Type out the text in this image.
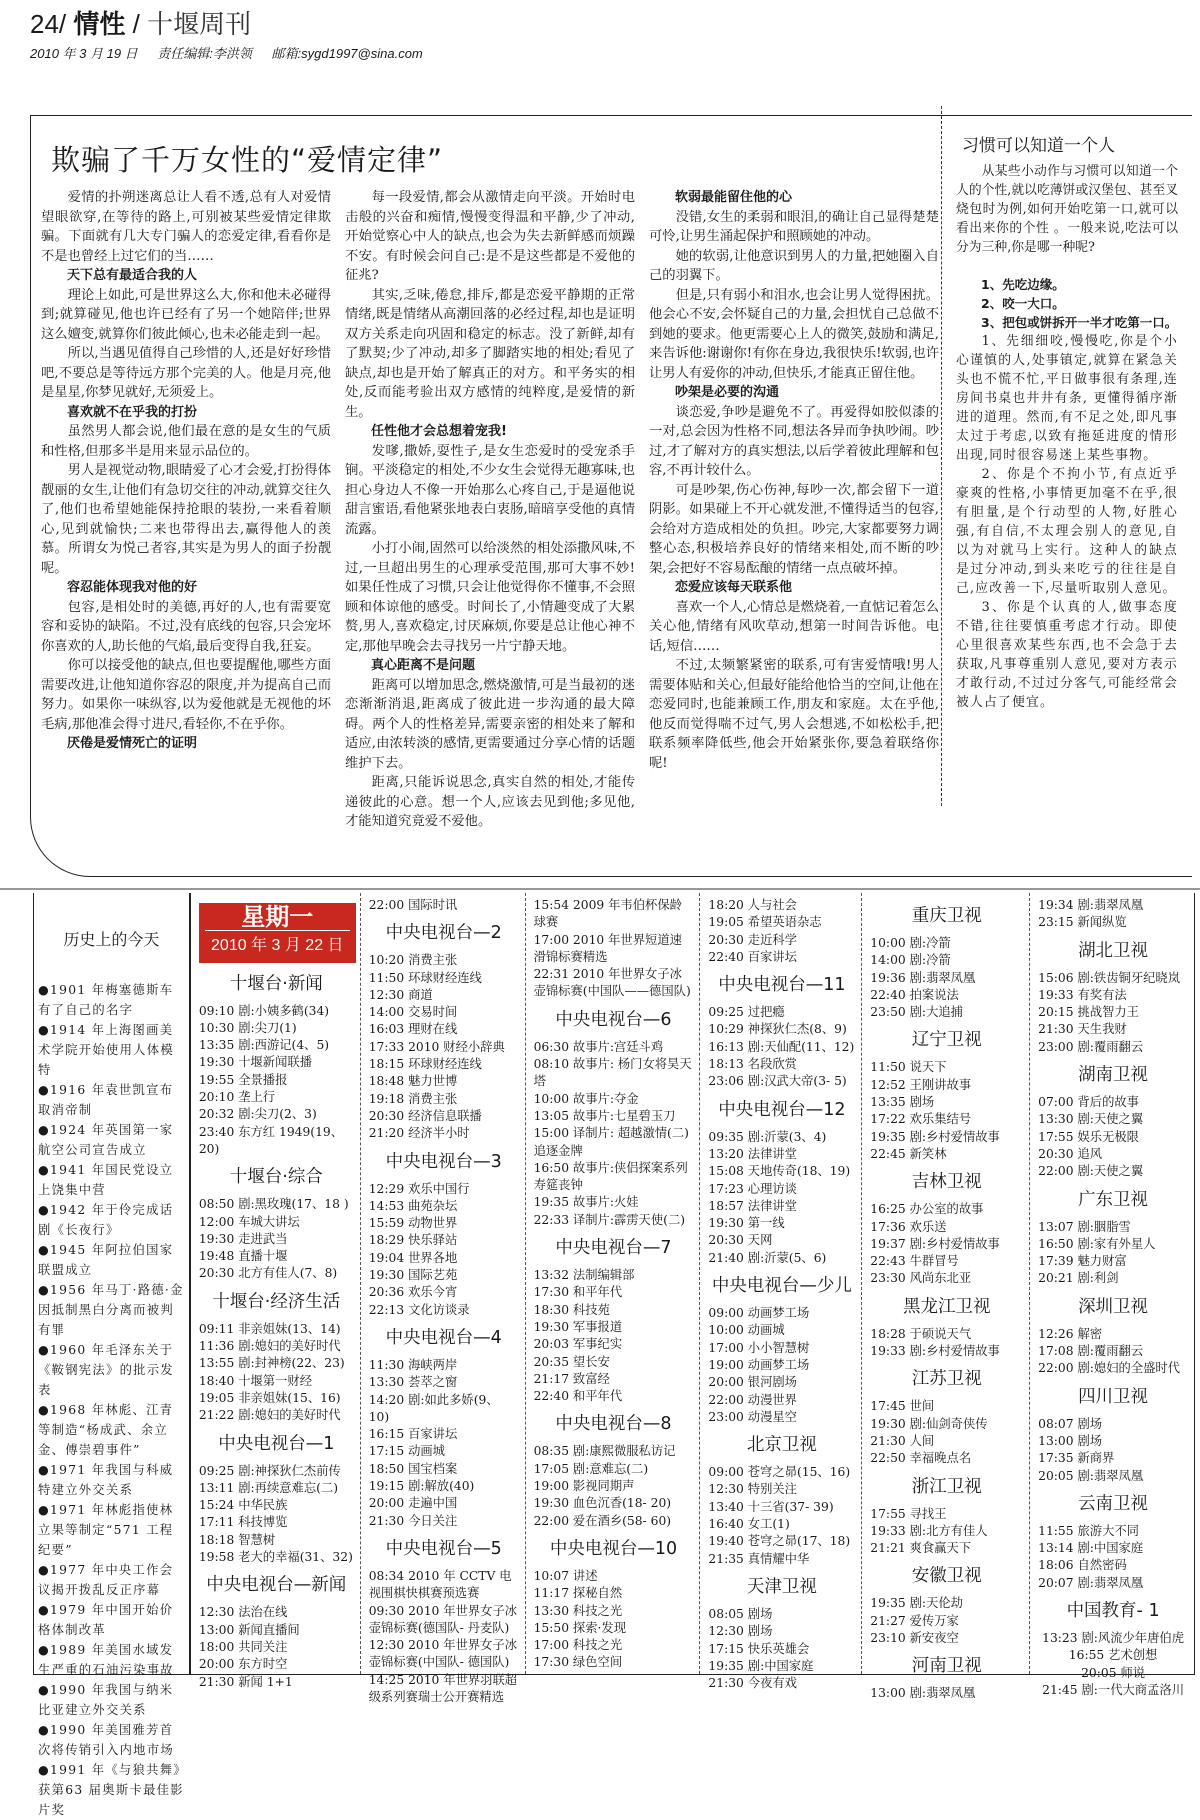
24/ 情性 / 十堰周刊
2010 年 3 月 19 日 责任编辑:李洪领 邮箱:sygd1997@sina.com
欺骗了千万女性的“爱情定律”

爱情的扑朔迷离总让人看不透,总有人对爱情望眼欲穿,在等待的路上,可别被某些爱情定律欺骗。下面就有几大专门骗人的恋爱定律,看看你是不是也曾经上过它们的当……

天下总有最适合我的人

理论上如此,可是世界这么大,你和他未必碰得到;就算碰见,他也许已经有了另一个她陪伴;世界这么嬗变,就算你们彼此倾心,也未必能走到一起。

所以,当遇见值得自己珍惜的人,还是好好珍惜吧,不要总是等待远方那个完美的人。他是月亮,他是星星,你梦见就好,无须爱上。

喜欢就不在乎我的打扮

虽然男人都会说,他们最在意的是女生的气质和性格,但那多半是用来显示品位的。

男人是视觉动物,眼睛爱了心才会爱,打扮得体靓丽的女生,让他们有急切交往的冲动,就算交往久了,他们也希望她能保持抢眼的装扮,一来看着顺心,见到就愉快;二来也带得出去,赢得他人的羡慕。所谓女为悦己者容,其实是为男人的面子扮靓呢。

容忍能体现我对他的好

包容,是相处时的美德,再好的人,也有需要宽容和妥协的缺陷。不过,没有底线的包容,只会宠坏你喜欢的人,助长他的气焰,最后变得自我,狂妄。

你可以接受他的缺点,但也要提醒他,哪些方面需要改进,让他知道你容忍的限度,并为提高自己而努力。如果你一味纵容,以为爱他就是无视他的坏毛病,那他准会得寸进尺,看轻你,不在乎你。

厌倦是爱情死亡的证明

每一段爱情,都会从激情走向平淡。开始时电击般的兴奋和痴情,慢慢变得温和平静,少了冲动,开始觉察心中人的缺点,也会为失去新鲜感而烦躁不安。有时候会问自己:是不是这些都是不爱他的征兆?

其实,乏味,倦怠,排斥,都是恋爱平静期的正常情绪,既是情绪从高潮回落的必经过程,却也是证明双方关系走向巩固和稳定的标志。没了新鲜,却有了默契;少了冲动,却多了脚踏实地的相处;看见了缺点,却也是开始了解真正的对方。和平务实的相处,反而能考验出双方感情的纯粹度,是爱情的新生。

任性他才会总想着宠我!

发嗲,撒娇,耍性子,是女生恋爱时的受宠杀手锏。平淡稳定的相处,不少女生会觉得无趣寡味,也担心身边人不像一开始那么心疼自己,于是逼他说甜言蜜语,看他紧张地表白衷肠,暗暗享受他的真情流露。

小打小闹,固然可以给淡然的相处添撒风味,不过,一旦超出男生的心理承受范围,那可大事不妙!如果任性成了习惯,只会让他觉得你不懂事,不会照顾和体谅他的感受。时间长了,小情趣变成了大累赘,男人,喜欢稳定,讨厌麻烦,你要是总让他心神不定,那他早晚会去寻找另一片宁静天地。

真心距离不是问题

距离可以增加思念,燃烧激情,可是当最初的迷恋渐渐消退,距离成了彼此进一步沟通的最大障碍。两个人的性格差异,需要亲密的相处来了解和适应,由浓转淡的感情,更需要通过分享心情的话题维护下去。

距离,只能诉说思念,真实自然的相处,才能传递彼此的心意。想一个人,应该去见到他;多见他,才能知道究竟爱不爱他。

软弱最能留住他的心

没错,女生的柔弱和眼泪,的确让自己显得楚楚可怜,让男生涌起保护和照顾她的冲动。

她的软弱,让他意识到男人的力量,把她圈入自己的羽翼下。

但是,只有弱小和泪水,也会让男人觉得困扰。他会心不安,会怀疑自己的力量,会担忧自己总做不到她的要求。他更需要心上人的微笑,鼓励和满足,来告诉他:谢谢你!有你在身边,我很快乐!软弱,也许让男人有爱你的冲动,但快乐,才能真正留住他。

吵架是必要的沟通

谈恋爱,争吵是避免不了。再爱得如胶似漆的一对,总会因为性格不同,想法各异而争执吵闹。吵过,才了解对方的真实想法,以后学着彼此理解和包容,不再计较什么。

可是吵架,伤心伤神,每吵一次,都会留下一道阴影。如果碰上不开心就发泄,不懂得适当的包容,会给对方造成相处的负担。吵完,大家都要努力调整心态,积极培养良好的情绪来相处,而不断的吵架,会把好不容易酝酿的情绪一点点破坏掉。

恋爱应该每天联系他

喜欢一个人,心情总是燃烧着,一直惦记着怎么关心他,情绪有风吹草动,想第一时间告诉他。电话,短信……

不过,太频繁紧密的联系,可有害爱情哦!男人需要体贴和关心,但最好能给他恰当的空间,让他在恋爱同时,也能兼顾工作,朋友和家庭。太在乎他,他反而觉得喘不过气,男人会想逃,不如松松手,把联系频率降低些,他会开始紧张你,要急着联络你呢!

习惯可以知道一个人

从某些小动作与习惯可以知道一个人的个性,就以吃薄饼或汉堡包、甚至叉烧包时为例,如何开始吃第一口,就可以看出来你的个性 。一般来说,吃法可以分为三种,你是哪一种呢?

1、先吃边缘。
2、咬一大口。
3、把包或饼拆开一半才吃第一口。

1、先细细咬,慢慢吃,你是个小心谨慎的人,处事镇定,就算在紧急关头也不慌不忙,平日做事很有条理,连房间书桌也井井有条, 更懂得循序渐进的道理。然而,有不足之处,即凡事太过于考虑,以致有拖延进度的情形出现,同时很容易迷上某些事物。

2、你是个不拘小节,有点近乎豪爽的性格,小事情更加毫不在乎,很有胆量,是个行动型的人物,好胜心强,有自信,不太理会别人的意见,自以为对就马上实行。这种人的缺点是过分冲动,到头来吃亏的往往是自己,应改善一下,尽量听取别人意见。

3、你是个认真的人,做事态度不错,往往要慎重考虑才行动。即使心里很喜欢某些东西,也不会急于去获取,凡事尊重别人意见,要对方表示才敢行动,不过过分客气,可能经常会被人占了便宜。

历史上的今天
●1901 年梅塞德斯车有了自己的名字
●1914 年上海图画美术学院开始使用人体模特
●1916 年袁世凯宣布取消帝制
●1924 年英国第一家航空公司宣告成立
●1941 年国民党设立上饶集中营
●1942 年于伶完成话剧《长夜行》
●1945 年阿拉伯国家联盟成立
●1956 年马丁·路德·金因抵制黑白分离而被判有罪
●1960 年毛泽东关于《鞍钢宪法》的批示发表
●1968 年林彪、江青等制造“杨成武、余立金、傅崇碧事件”
●1971 年我国与科威特建立外交关系
●1971 年林彪指使林立果等制定“571 工程纪要”
●1977 年中央工作会议揭开拨乱反正序幕
●1979 年中国开始价格体制改革
●1989 年美国水域发生严重的石油污染事故
●1990 年我国与纳米比亚建立外交关系
●1990 年美国雅芳首次将传销引入内地市场
●1991 年《与狼共舞》获第63 届奥斯卡最佳影片奖
星期一
2010 年 3 月 22 日
十堰台·新闻
09:10 剧:小姨多鹤(34)
10:30 剧:尖刀(1)
13:35 剧:西游记(4、5)
19:30 十堰新闻联播
19:55 全景播报
20:10 垄上行
20:32 剧:尖刀(2、3)
23:40 东方红 1949(19、20)
十堰台·综合
08:50 剧:黑玫瑰(17、18 )
12:00 车城大讲坛
19:30 走进武当
19:48 直播十堰
20:30 北方有佳人(7、8)
十堰台·经济生活
09:11 非亲姐妹(13、14)
11:36 剧:媳妇的美好时代
13:55 剧:封神榜(22、23)
18:40 十堰第一财经
19:05 非亲姐妹(15、16)
21:22 剧:媳妇的美好时代
中央电视台—1
09:25 剧:神探狄仁杰前传
13:11 剧:再续意难忘(二)
15:24 中华民族
17:11 科技博览
18:18 智慧树
19:58 老大的幸福(31、32)
中央电视台—新闻
12:30 法治在线
13:00 新闻直播间
18:00 共同关注
20:00 东方时空
21:30 新闻 1+1
22:00 国际时讯
中央电视台—2
10:20 消费主张
11:50 环球财经连线
12:30 商道
14:00 交易时间
16:03 理财在线
17:33 2010 财经小辞典
18:15 环球财经连线
18:48 魅力世博
19:18 消费主张
20:30 经济信息联播
21:20 经济半小时
中央电视台—3
12:29 欢乐中国行
14:53 曲苑杂坛
15:59 动物世界
18:29 快乐驿站
19:04 世界各地
19:30 国际艺苑
20:36 欢乐今宵
22:13 文化访谈录
中央电视台—4
11:30 海峡两岸
13:30 荟萃之窗
14:20 剧:如此多娇(9、10)
16:15 百家讲坛
17:15 动画城
18:50 国宝档案
19:15 剧:解放(40)
20:00 走遍中国
21:30 今日关注
中央电视台—5
08:34 2010 年 CCTV 电视围棋快棋赛预选赛
09:30 2010 年世界女子冰壶锦标赛(德国队- 丹麦队)
12:30 2010 年世界女子冰壶锦标赛(中国队- 德国队)
14:25 2010 年世界羽联超级系列赛瑞士公开赛精选
15:54 2009 年韦伯杯保龄球赛
17:00 2010 年世界短道速滑锦标赛精选
22:31 2010 年世界女子冰壶锦标赛(中国队——德国队)
中央电视台—6
06:30 故事片:宫廷斗鸡
08:10 故事片: 杨门女将昊天塔
10:00 故事片:夺金
13:05 故事片:七星碧玉刀
15:00 译制片: 超越激情(二)追逐金牌
16:50 故事片:侠侣探案系列寿筵丧钟
19:35 故事片:火娃
22:33 译制片:霹雳天使(二)
中央电视台—7
13:32 法制编辑部
17:30 和平年代
18:30 科技苑
19:30 军事报道
20:03 军事纪实
20:35 望长安
21:17 致富经
22:40 和平年代
中央电视台—8
08:35 剧:康熙微服私访记
17:05 剧:意难忘(二)
19:00 影视同期声
19:30 血色沉香(18- 20)
22:00 爱在酒乡(58- 60)
中央电视台—10
10:07 讲述
11:17 探秘自然
13:30 科技之光
15:50 探索·发现
17:00 科技之光
17:30 绿色空间
18:20 人与社会
19:05 希望英语杂志
20:30 走近科学
22:40 百家讲坛
中央电视台—11
09:25 过把瘾
10:29 神探狄仁杰(8、9)
16:13 剧:天仙配(11、12)
18:13 名段欣赏
23:06 剧:汉武大帝(3- 5)
中央电视台—12
09:35 剧:沂蒙(3、4)
13:20 法律讲堂
15:08 天地传奇(18、19)
17:23 心理访谈
18:57 法律讲堂
19:30 第一线
20:30 天网
21:40 剧:沂蒙(5、6)
中央电视台—少儿
09:00 动画梦工场
10:00 动画城
17:00 小小智慧树
19:00 动画梦工场
20:00 银河剧场
22:00 动漫世界
23:00 动漫星空
北京卫视
09:00 苍穹之昴(15、16)
12:30 特别关注
13:40 十三省(37- 39)
16:40 女工(1)
19:40 苍穹之昴(17、18)
21:35 真情耀中华
天津卫视
08:05 剧场
12:30 剧场
17:15 快乐英雄会
19:35 剧:中国家庭
21:30 今夜有戏
重庆卫视
10:00 剧:冷箭
14:00 剧:冷箭
19:36 剧:翡翠凤凰
22:40 拍案说法
23:50 剧:大追捕
辽宁卫视
11:50 说天下
12:52 王刚讲故事
13:35 剧场
17:22 欢乐集结号
19:35 剧:乡村爱情故事
22:45 新笑林
吉林卫视
16:25 办公室的故事
17:36 欢乐送
19:37 剧:乡村爱情故事
22:43 牛群冒号
23:30 风尚东北亚
黑龙江卫视
18:28 于硕说天气
19:33 剧:乡村爱情故事
江苏卫视
17:45 世间
19:30 剧:仙剑奇侠传
21:30 人间
22:50 幸福晚点名
浙江卫视
17:55 寻找王
19:33 剧:北方有佳人
21:21 爽食赢天下
安徽卫视
19:35 剧:天伦劫
21:27 爱传万家
23:10 新安夜空
河南卫视
13:00 剧:翡翠凤凰
19:34 剧:翡翠凤凰
23:15 新闻纵览
湖北卫视
15:06 剧:铁齿铜牙纪晓岚
19:33 有奖有法
20:15 挑战智力王
21:30 天生我财
23:00 剧:覆雨翻云
湖南卫视
07:00 背后的故事
13:30 剧:天使之翼
17:55 娱乐无极限
20:30 追风
22:00 剧:天使之翼
广东卫视
13:07 剧:胭脂雪
16:50 剧:家有外星人
17:39 魅力财富
20:21 剧:利剑
深圳卫视
12:26 解密
17:08 剧:覆雨翻云
22:00 剧:媳妇的全盛时代
四川卫视
08:07 剧场
13:00 剧场
17:35 新商界
20:05 剧:翡翠凤凰
云南卫视
11:55 旅游大不同
13:14 剧:中国家庭
18:06 自然密码
20:07 剧:翡翠凤凰
中国教育- 1
13:23 剧:风流少年唐伯虎
16:55 艺术创想
20:05 师说
21:45 剧:一代大商孟洛川
